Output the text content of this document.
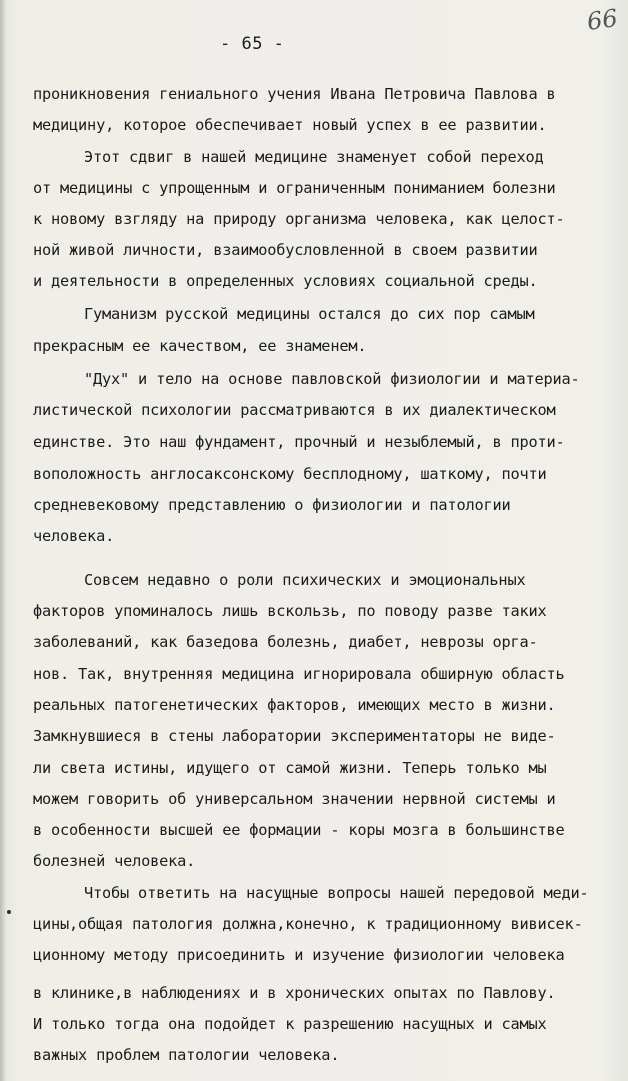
- 65 -
66
проникновения гениального учения Ивана Петровича Павлова в
медицину, которое обеспечивает новый успех в ее развитии.
Этот сдвиг в нашей медицине знаменует собой переход
от медицины с упрощенным и ограниченным пониманием болезни
к новому взгляду на природу организма человека, как целост-
ной живой личности, взаимообусловленной в своем развитии
и деятельности в определенных условиях социальной среды.
Гуманизм русской медицины остался до сих пор самым
прекрасным ее качеством, ее знаменем.
"Дух" и тело на основе павловской физиологии и материа-
листической психологии рассматриваются в их диалектическом
единстве. Это наш фундамент, прочный и незыблемый, в проти-
воположность англосаксонскому бесплодному, шаткому, почти
средневековому представлению о физиологии и патологии
человека.
Совсем недавно о роли психических и эмоциональных
факторов упоминалось лишь вскользь, по поводу разве таких
заболеваний, как базедова болезнь, диабет, неврозы орга-
нов. Так, внутренняя медицина игнорировала обширную область
реальных патогенетических факторов, имеющих место в жизни.
Замкнувшиеся в стены лаборатории экспериментаторы не виде-
ли света истины, идущего от самой жизни. Теперь только мы
можем говорить об универсальном значении нервной системы и
в особенности высшей ее формации - коры мозга в большинстве
болезней человека.
Чтобы ответить на насущные вопросы нашей передовой меди-
цины,общая патология должна,конечно, к традиционному вивисек-
ционному методу присоединить и изучение физиологии человека
в клинике,в наблюдениях и в хронических опытах по Павлову.
И только тогда она подойдет к разрешению насущных и самых
важных проблем патологии человека.
